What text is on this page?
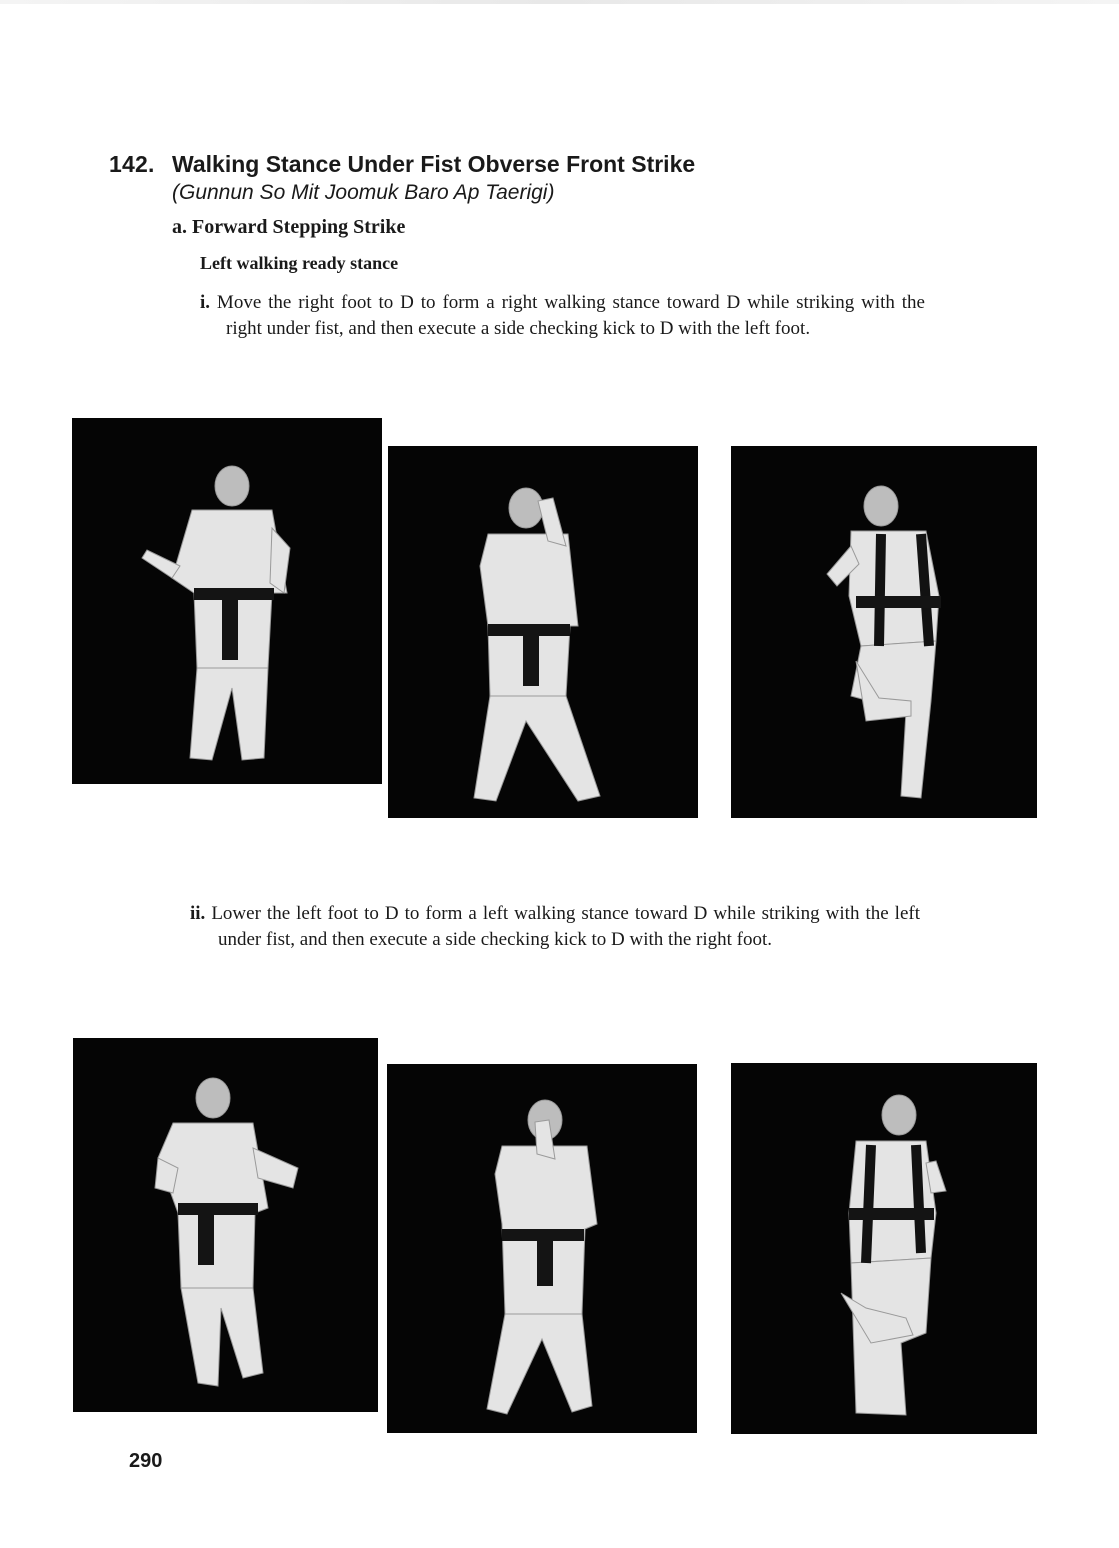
142. Walking Stance Under Fist Obverse Front Strike
(Gunnun So Mit Joomuk Baro Ap Taerigi)
a. Forward Stepping Strike
Left walking ready stance
i. Move the right foot to D to form a right walking stance toward D while striking with the right under fist, and then execute a side checking kick to D with the left foot.
ii. Lower the left foot to D to form a left walking stance toward D while striking with the left under fist, and then execute a side checking kick to D with the right foot.
290
